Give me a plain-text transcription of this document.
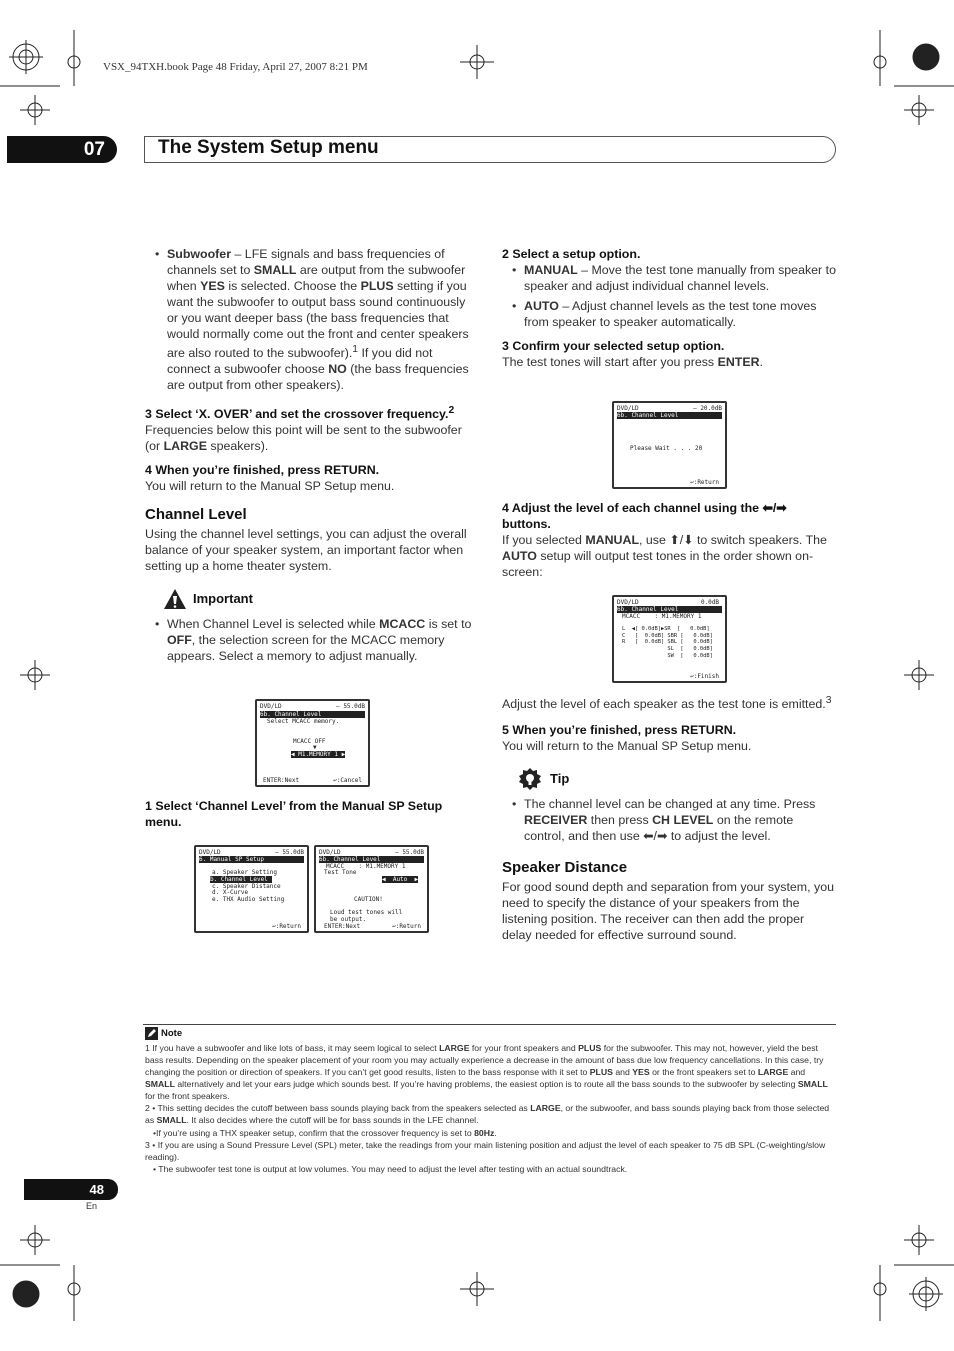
VSX_94TXH.book Page 48 Friday, April 27, 2007 8:21 PM
07	The System Setup menu

• Subwoofer – LFE signals and bass frequencies of channels set to SMALL are output from the subwoofer when YES is selected. Choose the PLUS setting if you want the subwoofer to output bass sound continuously or you want deeper bass (the bass frequencies that would normally come out the front and center speakers are also routed to the subwoofer).$^1$ If you did not connect a subwoofer choose NO (the bass frequencies are output from other speakers).

3 Select ‘X. OVER’ and set the crossover frequency.$^2$

Frequencies below this point will be sent to the subwoofer (or LARGE speakers).

4 When you’re finished, press RETURN.

You will return to the Manual SP Setup menu.

Channel Level

Using the channel level settings, you can adjust the overall balance of your speaker system, an important factor when setting up a home theater system.

Important

• When Channel Level is selected while MCACC is set to OFF, the selection screen for the MCACC memory appears. Select a memory to adjust manually.

1 Select ‘Channel Level’ from the Manual SP Setup menu.
DVD/LD	– 55.0dB
6b. Channel Level
Select MCACC memory.
MCACC OFF
▼
◀ M1.MEMORY 1 ▶
ENTER:Next	↩:Cancel
DVD/LD	– 55.0dB
6. Manual SP Setup
a. Speaker Setting
b. Channel Level
c. Speaker Distance
d. X-Curve
e. THX Audio Setting
↩:Return
DVD/LD	– 55.0dB
6b. Channel Level
MCACC    : M1.MEMORY 1
Test Tone
◀  Auto  ▶
CAUTION!
Loud test tones will
be output.
ENTER:Next	↩:Return

2 Select a setup option.

• MANUAL – Move the test tone manually from speaker to speaker and adjust individual channel levels.

• AUTO – Adjust channel levels as the test tone moves from speaker to speaker automatically.

3 Confirm your selected setup option.

The test tones will start after you press ENTER.

DVD/LD	– 20.0dB
6b. Channel Level
Please Wait . . . 20
↩:Return

4 Adjust the level of each channel using the ⬅/➡ buttons.

If you selected MANUAL, use ⬆/⬇ to switch speakers. The AUTO setup will output test tones in the order shown on-screen:

DVD/LD	0.0dB
6b. Channel Level
MCACC    : M1.MEMORY 1
L  ◀[ 0.0dB]▶SR  [   0.0dB]
C   [  0.0dB] SBR [   0.0dB]
R   [  0.0dB] SBL [   0.0dB]
SL  [   0.0dB]
SW  [   0.0dB]
↩:Finish

Adjust the level of each speaker as the test tone is emitted.$^3$

5 When you’re finished, press RETURN.

You will return to the Manual SP Setup menu.

Tip

• The channel level can be changed at any time. Press RECEIVER then press CH LEVEL on the remote control, and then use ⬅/➡ to adjust the level.

Speaker Distance

For good sound depth and separation from your system, you need to specify the distance of your speakers from the listening position. The receiver can then add the proper delay needed for effective surround sound.

Note
1 If you have a subwoofer and like lots of bass, it may seem logical to select LARGE for your front speakers and PLUS for the subwoofer. This may not, however, yield the best bass results. Depending on the speaker placement of your room you may actually experience a decrease in the amount of bass due low frequency cancellations. In this case, try changing the position or direction of speakers. If you can’t get good results, listen to the bass response with it set to PLUS and YES or the front speakers set to LARGE and SMALL alternatively and let your ears judge which sounds best. If you’re having problems, the easiest option is to route all the bass sounds to the subwoofer by selecting SMALL for the front speakers.
2 • This setting decides the cutoff between bass sounds playing back from the speakers selected as LARGE, or the subwoofer, and bass sounds playing back from those selected as SMALL. It also decides where the cutoff will be for bass sounds in the LFE channel.
•If you’re using a THX speaker setup, confirm that the crossover frequency is set to 80Hz.
3 • If you are using a Sound Pressure Level (SPL) meter, take the readings from your main listening position and adjust the level of each speaker to 75 dB SPL (C-weighting/slow reading).
• The subwoofer test tone is output at low volumes. You may need to adjust the level after testing with an actual soundtrack.
48
En
